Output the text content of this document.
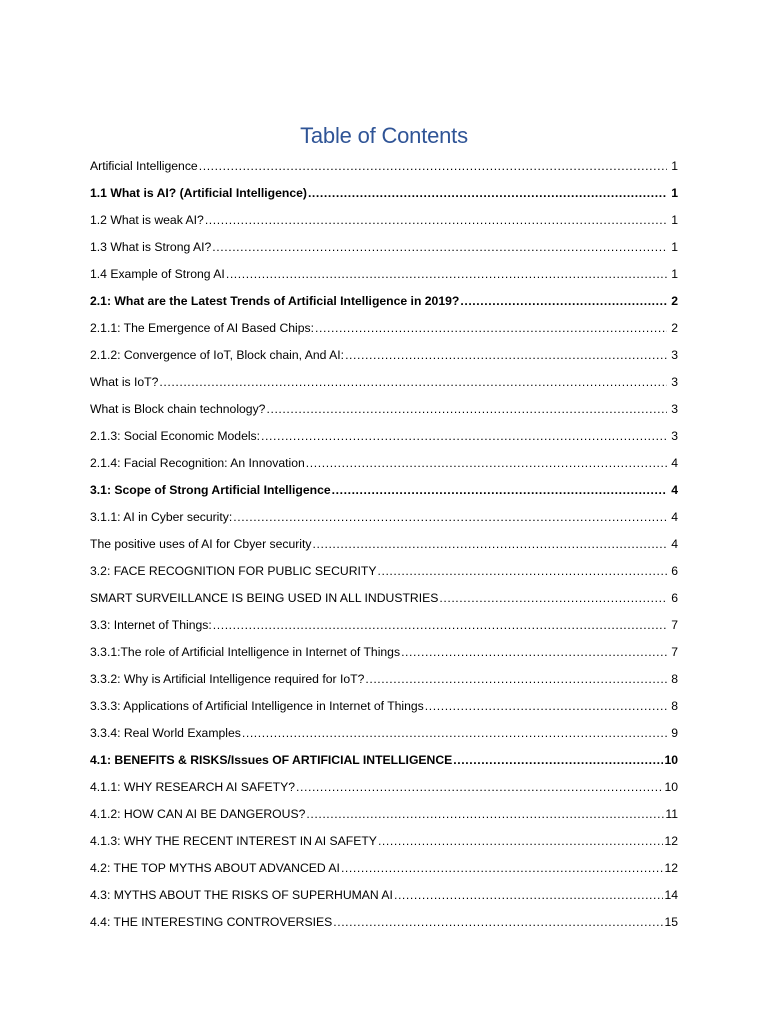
Table of Contents
Artificial Intelligence .....	1
1.1 What is AI? (Artificial Intelligence) .....	1
1.2 What is weak AI? .....	1
1.3 What is Strong AI? .....	1
1.4 Example of Strong AI .....	1
2.1: What are the Latest Trends of Artificial Intelligence in 2019? .....	2
2.1.1: The Emergence of AI Based Chips: .....	2
2.1.2: Convergence of IoT, Block chain, And AI: .....	3
What is IoT? .....	3
What is Block chain technology? .....	3
2.1.3: Social Economic Models: .....	3
2.1.4: Facial Recognition: An Innovation .....	4
3.1: Scope of Strong Artificial Intelligence .....	4
3.1.1: AI in Cyber security: .....	4
The positive uses of AI for Cbyer security .....	4
3.2: FACE RECOGNITION FOR PUBLIC SECURITY .....	6
SMART SURVEILLANCE IS BEING USED IN ALL INDUSTRIES .....	6
3.3: Internet of Things: .....	7
3.3.1:The role of Artificial Intelligence in Internet of Things .....	7
3.3.2: Why is Artificial Intelligence required for IoT? .....	8
3.3.3: Applications of Artificial Intelligence in Internet of Things .....	8
3.3.4: Real World Examples .....	9
4.1: BENEFITS & RISKS/Issues OF ARTIFICIAL INTELLIGENCE .....	10
4.1.1: WHY RESEARCH AI SAFETY? .....	10
4.1.2: HOW CAN AI BE DANGEROUS? .....	11
4.1.3: WHY THE RECENT INTEREST IN AI SAFETY .....	12
4.2: THE TOP MYTHS ABOUT ADVANCED AI .....	12
4.3: MYTHS ABOUT THE RISKS OF SUPERHUMAN AI .....	14
4.4: THE INTERESTING CONTROVERSIES .....	15
